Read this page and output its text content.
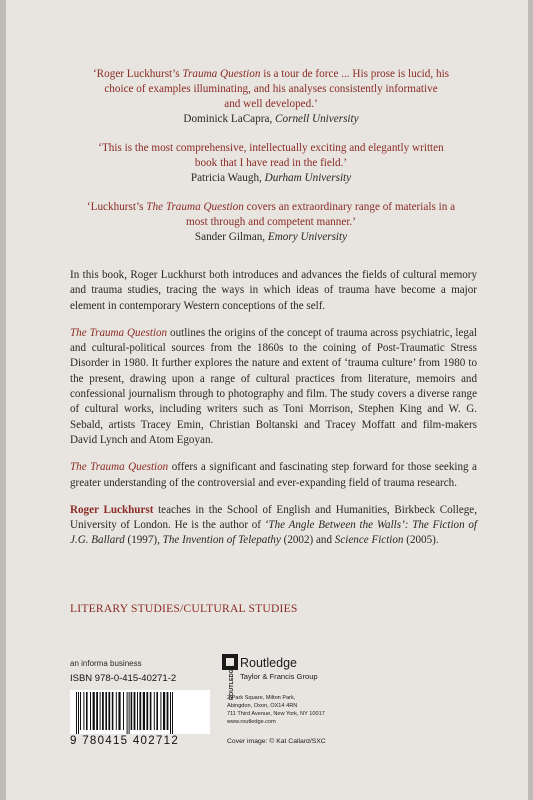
‘Roger Luckhurst’s Trauma Question is a tour de force ... His prose is lucid, his
choice of examples illuminating, and his analyses consistently informative
and well developed.’
Dominick LaCapra, Cornell University
‘This is the most comprehensive, intellectually exciting and elegantly written
book that I have read in the field.’
Patricia Waugh, Durham University
‘Luckhurst’s The Trauma Question covers an extraordinary range of materials in a
most through and competent manner.’
Sander Gilman, Emory University

In this book, Roger Luckhurst both introduces and advances the fields of cultural memory and trauma studies, tracing the ways in which ideas of trauma have become a major element in contemporary Western conceptions of the self.

The Trauma Question outlines the origins of the concept of trauma across psychiatric, legal and cultural-political sources from the 1860s to the coining of Post-Traumatic Stress Disorder in 1980. It further explores the nature and extent of ‘trauma culture’ from 1980 to the present, drawing upon a range of cultural practices from literature, memoirs and confessional journalism through to photography and film. The study covers a diverse range of cultural works, including writers such as Toni Morrison, Stephen King and W. G. Sebald, artists Tracey Emin, Christian Boltanski and Tracey Moffatt and film-makers David Lynch and Atom Egoyan.

The Trauma Question offers a significant and fascinating step forward for those seeking a greater understanding of the controversial and ever-expanding field of trauma research.

Roger Luckhurst teaches in the School of English and Humanities, Birkbeck College, University of London. He is the author of ‘The Angle Between the Walls’: The Fiction of J.G. Ballard (1997), The Invention of Telepathy (2002) and Science Fiction (2005).

LITERARY STUDIES/CULTURAL STUDIES
an informa business
ISBN 978-0-415-40271-2
9 780415 402712
ROUTLEDGE
Routledge
Taylor & Francis Group
2 Park Square, Milton Park,
Abingdon, Oxon, OX14 4RN
711 Third Avenue, New York, NY 10017
www.routledge.com
Cover image: © Kat Callard/SXC
